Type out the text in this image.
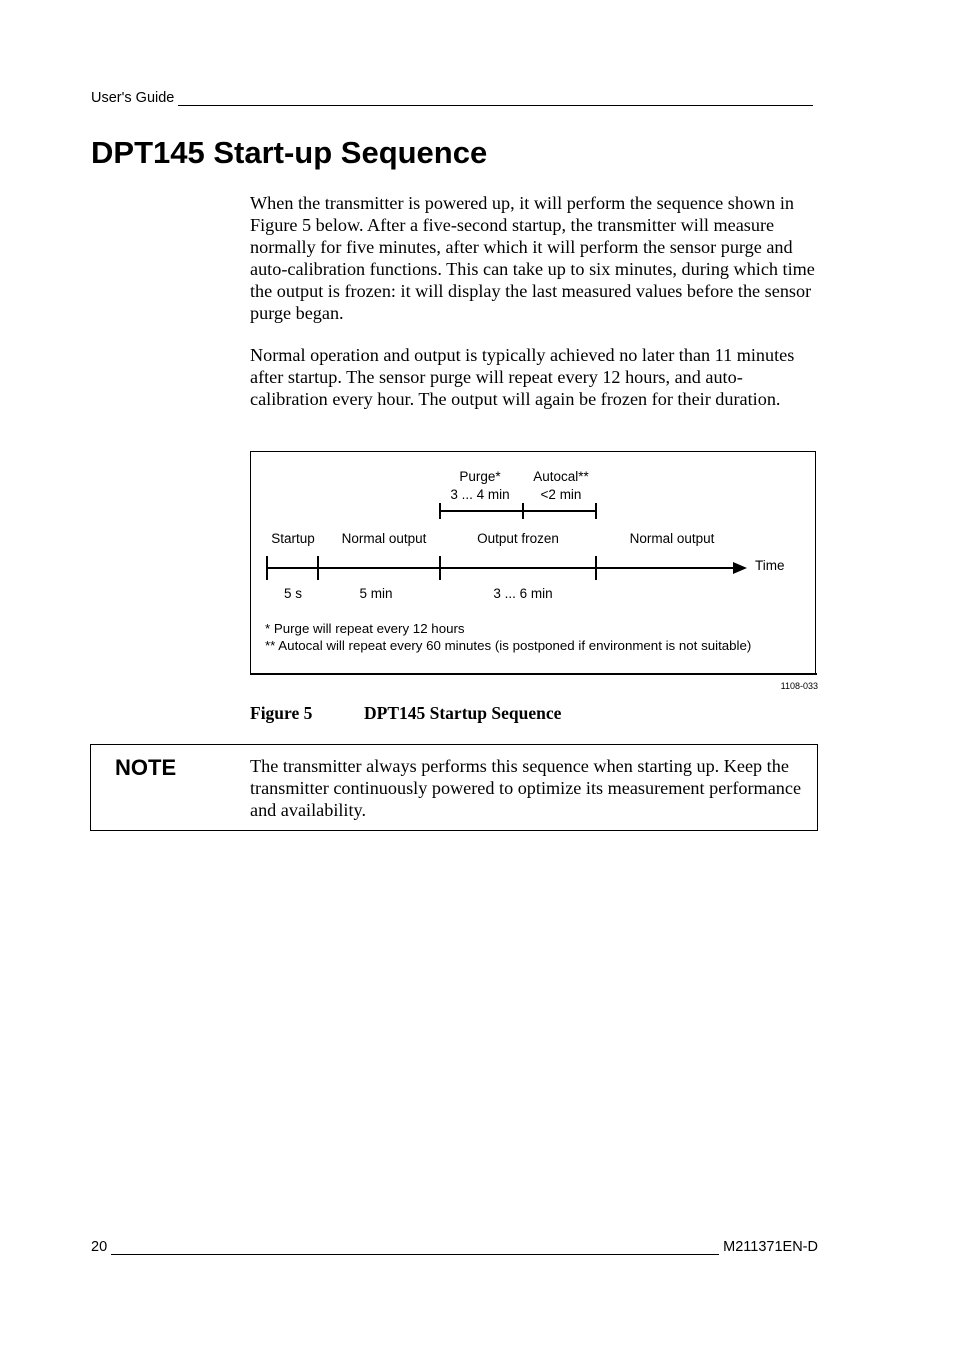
User's Guide
DPT145 Start-up Sequence

When the transmitter is powered up, it will perform the sequence shown in Figure 5 below. After a five-second startup, the transmitter will measure normally for five minutes, after which it will perform the sensor purge and auto-calibration functions. This can take up to six minutes, during which time the output is frozen: it will display the last measured values before the sensor purge began.

Normal operation and output is typically achieved no later than 11 minutes after startup. The sensor purge will repeat every 12 hours, and auto-calibration every hour. The output will again be frozen for their duration.

Purge*
3 ... 4 min
Autocal**
<2 min
Startup Normal output	Output frozen	Normal output
Time
5 s	5 min	3 ... 6 min
* Purge will repeat every 12 hours
** Autocal will repeat every 60 minutes (is postponed if environment is not suitable)
1108-033
Figure 5	DPT145 Startup Sequence
NOTE	The transmitter always performs this sequence when starting up. Keep the transmitter continuously powered to optimize its measurement performance and availability.

20	M211371EN-D
